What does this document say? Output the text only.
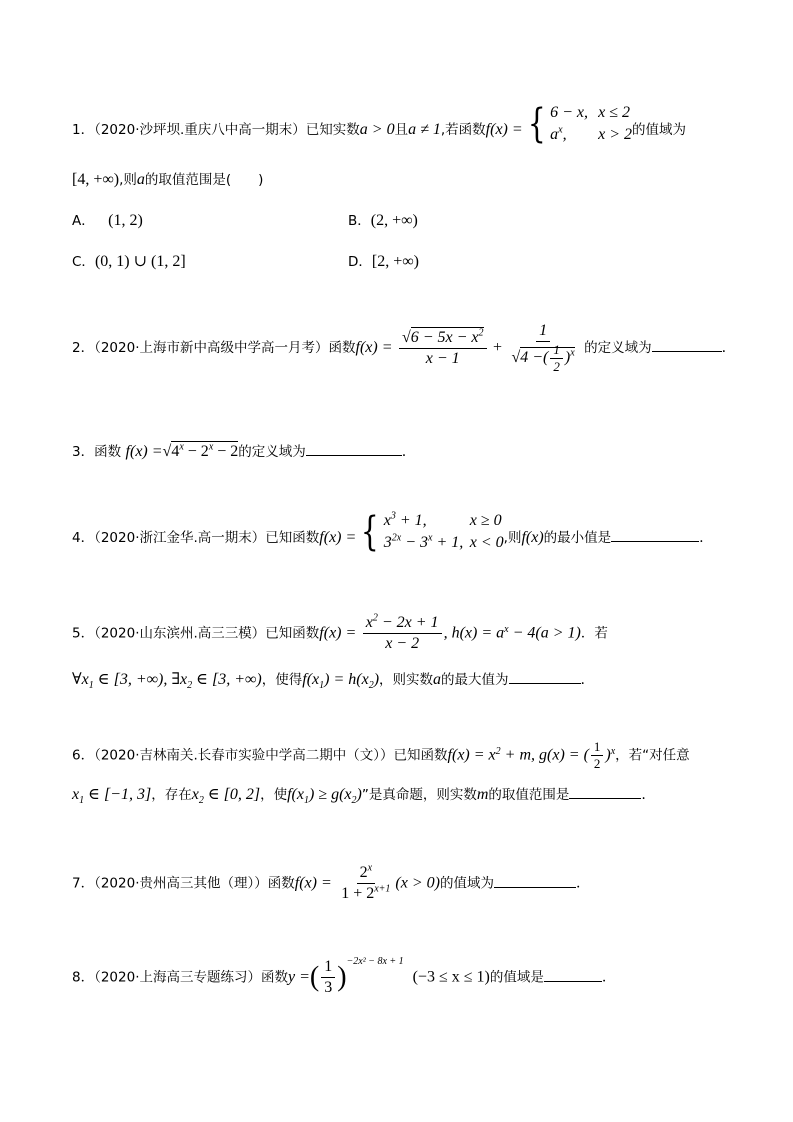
1．（2020·沙坪坝.重庆八中高一期末）已知实数a > 0且a ≠ 1,若函数f(x) = { 6 − x, x ≤ 2
$a^x$, x > 2 的值域为
[4, +∞),则a的取值范围是(　　)
A． (1, 2)	B．(2, +∞)
C．(0, 1) ∪ (1, 2]	D．[2, +∞)
2．（2020·上海市新中高级中学高一月考）函数$f(x) = \frac{√6 - 5x - x^2}{x - 1} + \frac{1}{√4 -( \frac{1}{2} )^x}$ 的定义域为	.
3．函数 $f(x) =√4^x - 2^x - 2$的定义域为	.
4．（2020·浙江金华.高一期末）已知函数f(x) = { $x^3 + 1$,	x ≥ 0
$3^{2x} - 3^x + 1$, x < 0 ,则f(x)的最小值是	.
5．（2020·山东滨州.高三三模）已知函数$f(x) = \frac{x^2 - 2x + 1}{x - 2}$ , $h(x) = a^x - 4(a > 1)$．若
$\forall x_1$ ∈ [3, +∞), $\exists x_2$ ∈ [3, +∞)，使得$f(x_1) = h(x_2)$，则实数a的最大值为	.
6．（2020·吉林南关.长春市实验中学高二期中（文））已知函数$f(x) = x^2 + m$, g(x) = ( $\frac{1}{2} )^x$，若“对任意
$x_1$ ∈ [−1, 3]，存在$x_2$ ∈ [0, 2]，使$f(x_1) \ge g(x_2)$”是真命题，则实数m的取值范围是	.
7．（2020·贵州高三其他（理））函数$f(x) = \frac{2^x}{1 + 2^{x+1}} (x > 0)$的值域为	.
8．（2020·上海高三专题练习）函数y =( $\frac{1}{3} )^{-2x^2 - 8x + 1}$  (−3 ≤ x ≤ 1)的值域是	.
